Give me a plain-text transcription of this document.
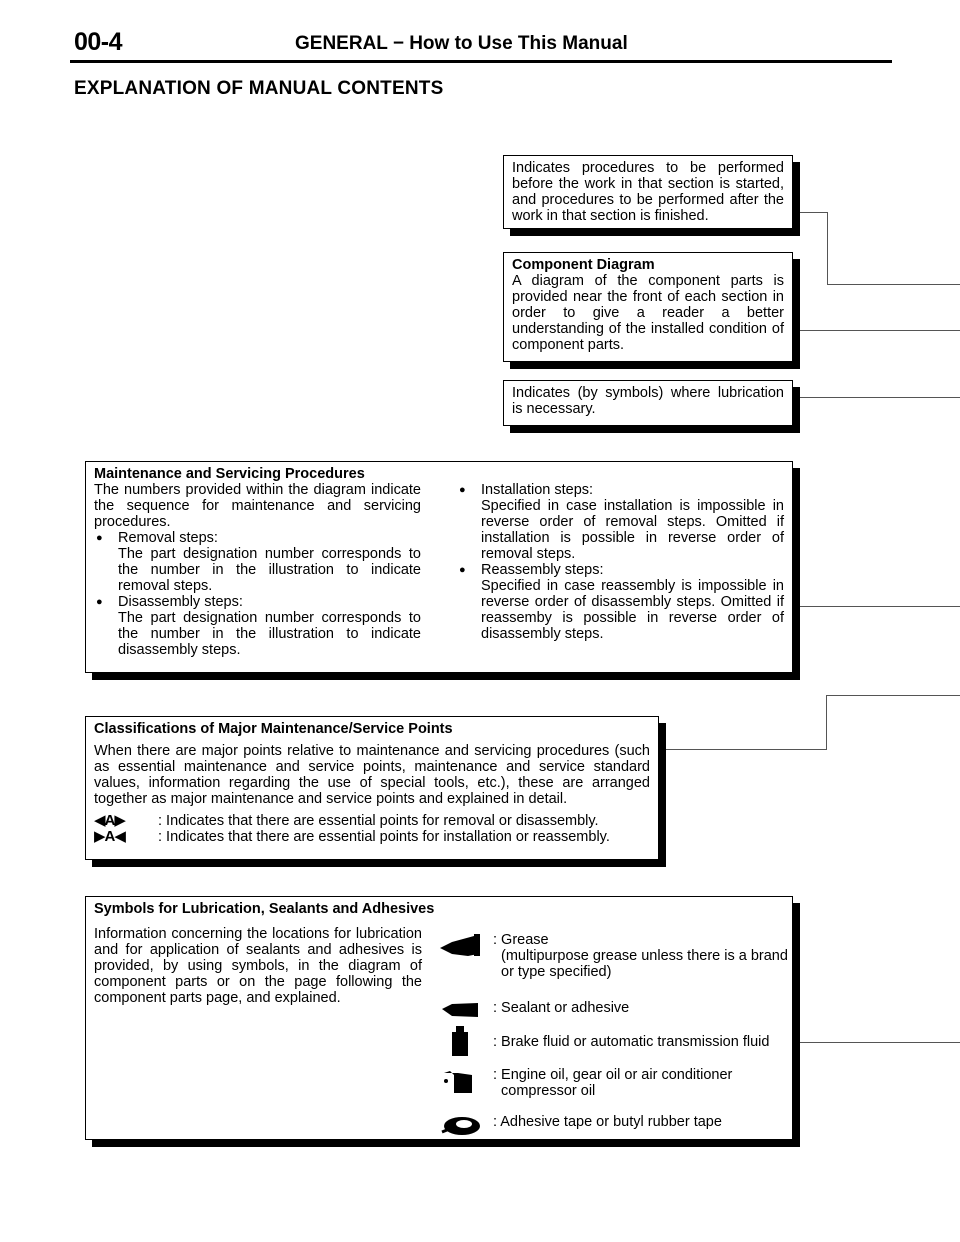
00-4	GENERAL − How to Use This Manual
EXPLANATION OF MANUAL CONTENTS

Indicates procedures to be performed before the work in that section is started, and procedures to be performed after the work in that section is finished.

Component Diagram

A diagram of the component parts is provided near the front of each section in order to give a reader a better understanding of the installed condition of component parts.

Indicates (by symbols) where lubrication is necessary.

Maintenance and Servicing Procedures

The numbers provided within the diagram indicate the sequence for maintenance and servicing procedures.

● Removal steps:

The part designation number corresponds to the number in the illustration to indicate removal steps.

● Disassembly steps:

The part designation number corresponds to the number in the illustration to indicate disassembly steps.

● Installation steps:

Specified in case installation is impossible in reverse order of removal steps. Omitted if installation is possible in reverse order of removal steps.

● Reassembly steps:

Specified in case reassembly is impossible in reverse order of disassembly steps. Omitted if reassemby is possible in reverse order of disassembly steps.

Classifications of Major Maintenance/Service Points

When there are major points relative to maintenance and servicing procedures (such as essential maintenance and service points, maintenance and service standard values, information regarding the use of special tools, etc.), these are arranged together as major maintenance and service points and explained in detail.

◀A▶	: Indicates that there are essential points for removal or disassembly.
▶A◀	: Indicates that there are essential points for installation or reassembly.

Symbols for Lubrication, Sealants and Adhesives

Information concerning the locations for lubrication and for application of sealants and adhesives is provided, by using symbols, in the diagram of component parts or on the page following the component parts page, and explained.

: Grease
(multipurpose grease unless there is a brand or type specified)
: Sealant or adhesive
: Brake fluid or automatic transmission fluid
: Engine oil, gear oil or air conditioner
compressor oil
: Adhesive tape or butyl rubber tape
